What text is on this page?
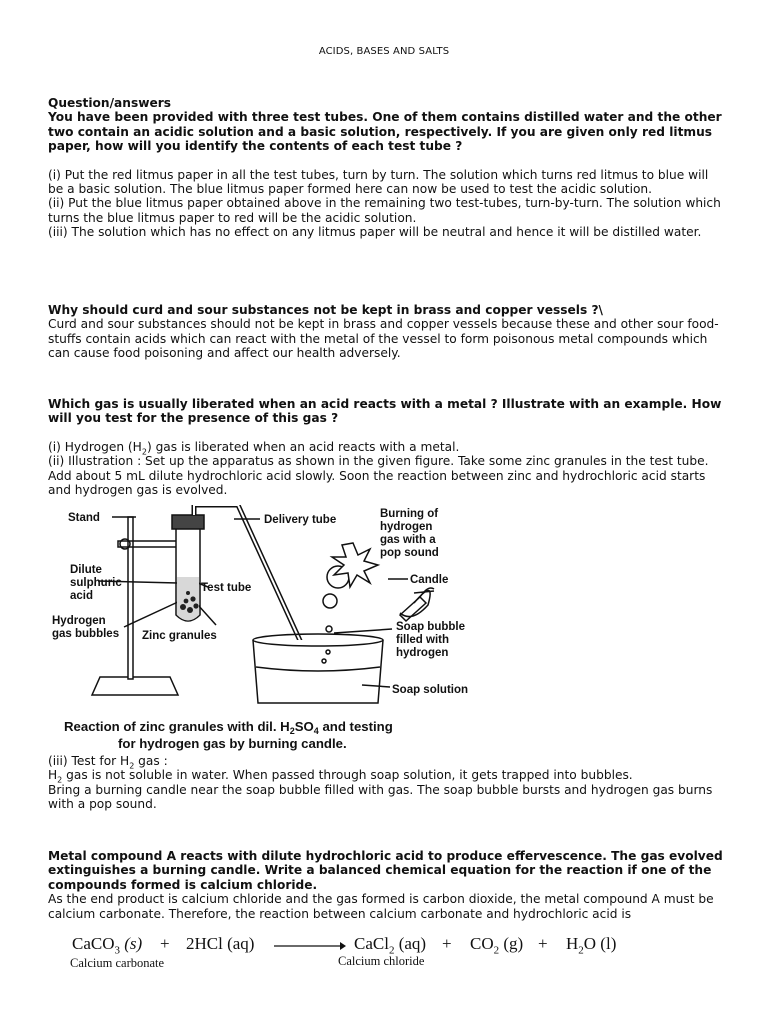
ACIDS, BASES AND SALTS

Question/answers

You have been provided with three test tubes. One of them contains distilled water and the other two contain an acidic solution and a basic solution, respectively. If you are given only red litmus paper, how will you identify the contents of each test tube ?

(i) Put the red litmus paper in all the test tubes, turn by turn. The solution which turns red litmus to blue will be a basic solution. The blue litmus paper formed here can now be used to test the acidic solution.

(ii) Put the blue litmus paper obtained above in the remaining two test-tubes, turn-by-turn. The solution which turns the blue litmus paper to red will be the acidic solution.

(iii) The solution which has no effect on any litmus paper will be neutral and hence it will be distilled water.

Why should curd and sour substances not be kept in brass and copper vessels ?\

Curd and sour substances should not be kept in brass and copper vessels because these and other sour food-stuffs contain acids which can react with the metal of the vessel to form poisonous metal compounds which can cause food poisoning and affect our health adversely.

Which gas is usually liberated when an acid reacts with a metal ? Illustrate with an example. How will you test for the presence of this gas ?

(i) Hydrogen $(H_2)$ gas is liberated when an acid reacts with a metal.

(ii) Illustration : Set up the apparatus as shown in the given figure. Take some zinc granules in the test tube. Add about 5 mL dilute hydrochloric acid slowly. Soon the reaction between zinc and hydrochloric acid starts and hydrogen gas is evolved.

Stand	Delivery tube	Burning of
hydrogen
gas with a
pop sound
Dilute
sulphuric
acid
Test tube
Candle
Hydrogen
gas bubbles Zinc granules
Soap bubble
filled with
hydrogen
Soap solution
Reaction of zinc granules with dil. $H_2SO_4$ and testing
for hydrogen gas by burning candle.

(iii) Test for $H_2$ gas :

$H_2$ gas is not soluble in water. When passed through soap solution, it gets trapped into bubbles.

Bring a burning candle near the soap bubble filled with gas. The soap bubble bursts and hydrogen gas burns with a pop sound.

Metal compound A reacts with dilute hydrochloric acid to produce effervescence. The gas evolved extinguishes a burning candle. Write a balanced chemical equation for the reaction if one of the compounds formed is calcium chloride.

As the end product is calcium chloride and the gas formed is carbon dioxide, the metal compound A must be calcium carbonate. Therefore, the reaction between calcium carbonate and hydrochloric acid is

CaCO$_3$ (s) + 2HCl (aq)	CaCl$_2$ $(aq) + CO_2$ $(g) + H_2O$ (l)
Calcium carbonate	Calcium chloride
